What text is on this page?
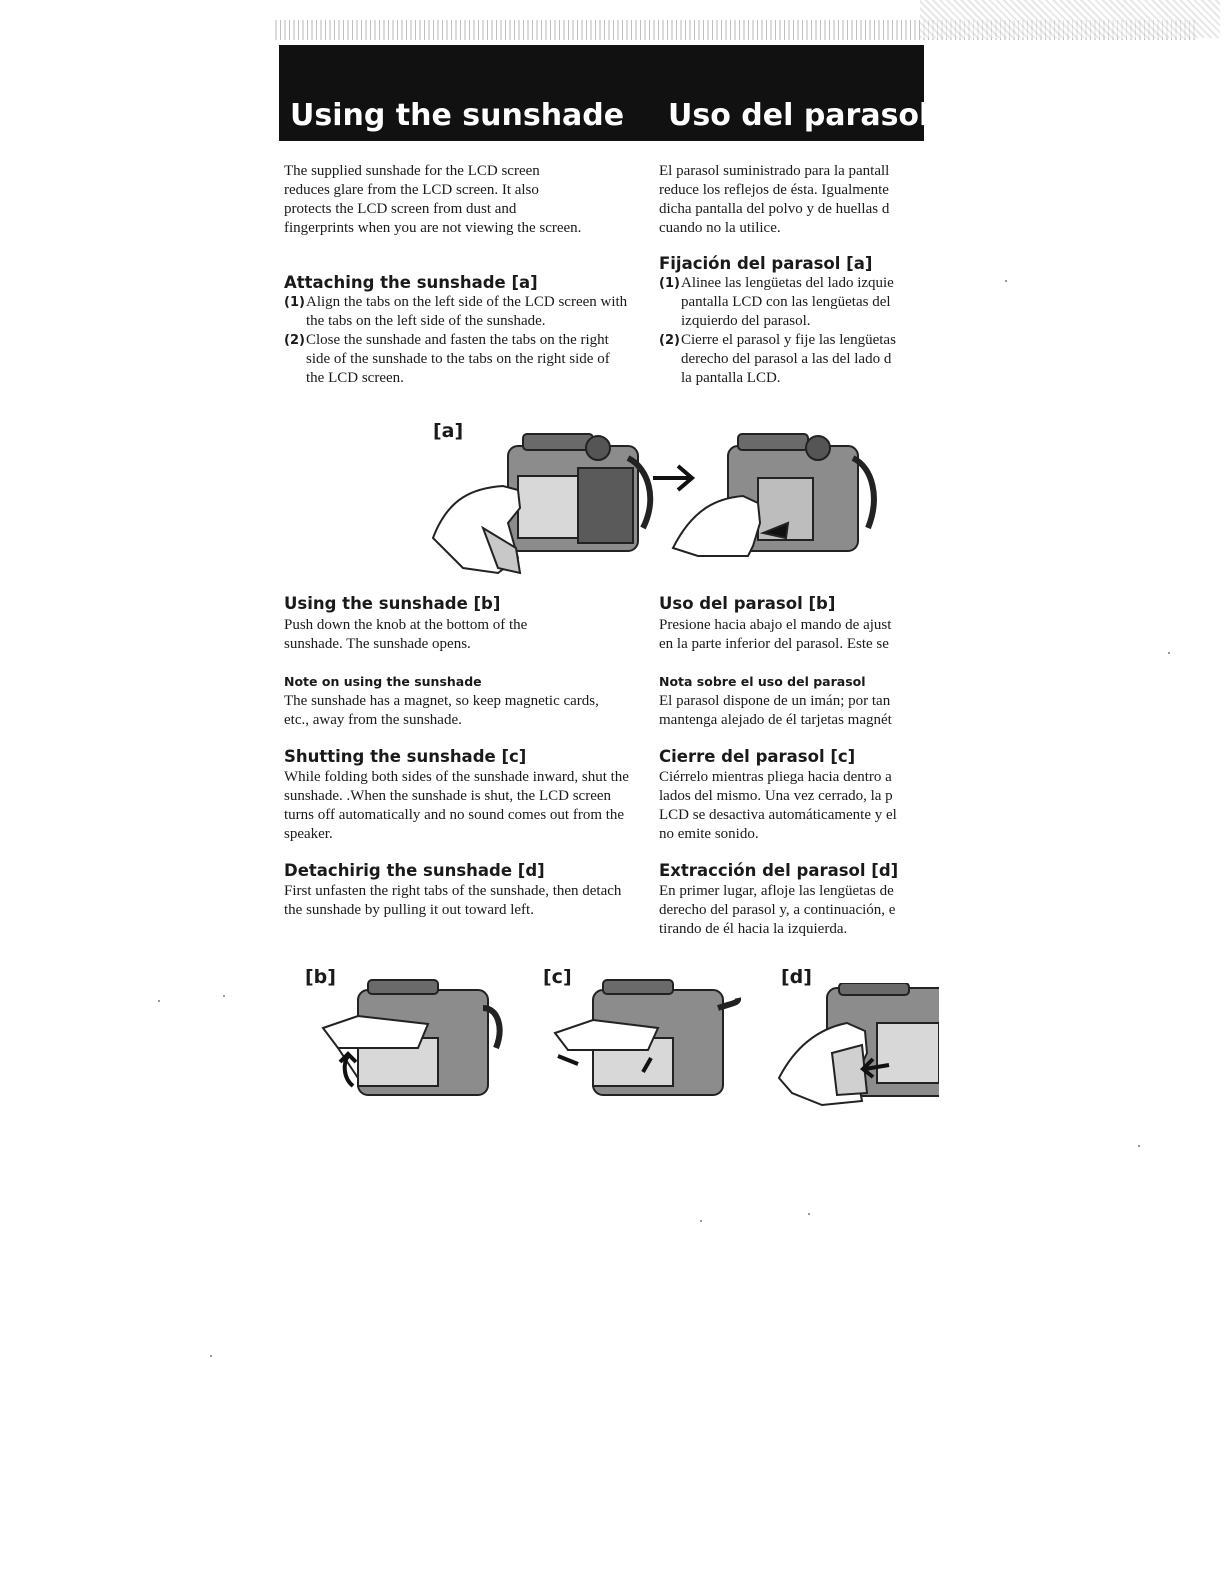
Using the sunshade Uso del parasol

The supplied sunshade for the LCD screen reduces glare from the LCD screen. It also protects the LCD screen from dust and fingerprints when you are not viewing the screen.

Attaching the sunshade [a]
(1) Align the tabs on the left side of the LCD screen with the tabs on the left side of the sunshade.
(2) Close the sunshade and fasten the tabs on the right side of the sunshade to the tabs on the right side of the LCD screen.
Using the sunshade [b]
Push down the knob at the bottom of the sunshade. The sunshade opens.
Note on using the sunshade
The sunshade has a magnet, so keep magnetic cards, etc., away from the sunshade.
Shutting the sunshade [c]
While folding both sides of the sunshade inward, shut the sunshade. .When the sunshade is shut, the LCD screen turns off automatically and no sound comes out from the speaker.
Detachirig the sunshade [d]
First unfasten the right tabs of the sunshade, then detach the sunshade by pulling it out toward left.
El parasol suministrado para la pantall
reduce los reflejos de ésta. Igualmente
dicha pantalla del polvo y de huellas d
cuando no la utilice.
Fijación del parasol [a]
(1) Alinee las lengüetas del lado izquie
pantalla LCD con las lengüetas del
izquierdo del parasol.
(2) Cierre el parasol y fije las lengüetas
derecho del parasol a las del lado d
la pantalla LCD.
Uso del parasol [b]
Presione hacia abajo el mando de ajust
en la parte inferior del parasol. Este se
Nota sobre el uso del parasol
El parasol dispone de un imán; por tan
mantenga alejado de él tarjetas magnét
Cierre del parasol [c]
Ciérrelo mientras pliega hacia dentro a
lados del mismo. Una vez cerrado, la p
LCD se desactiva automáticamente y el
no emite sonido.
Extracción del parasol [d]
En primer lugar, afloje las lengüetas de
derecho del parasol y, a continuación, e
tirando de él hacia la izquierda.
[a]
[b]	[c]	[d]
